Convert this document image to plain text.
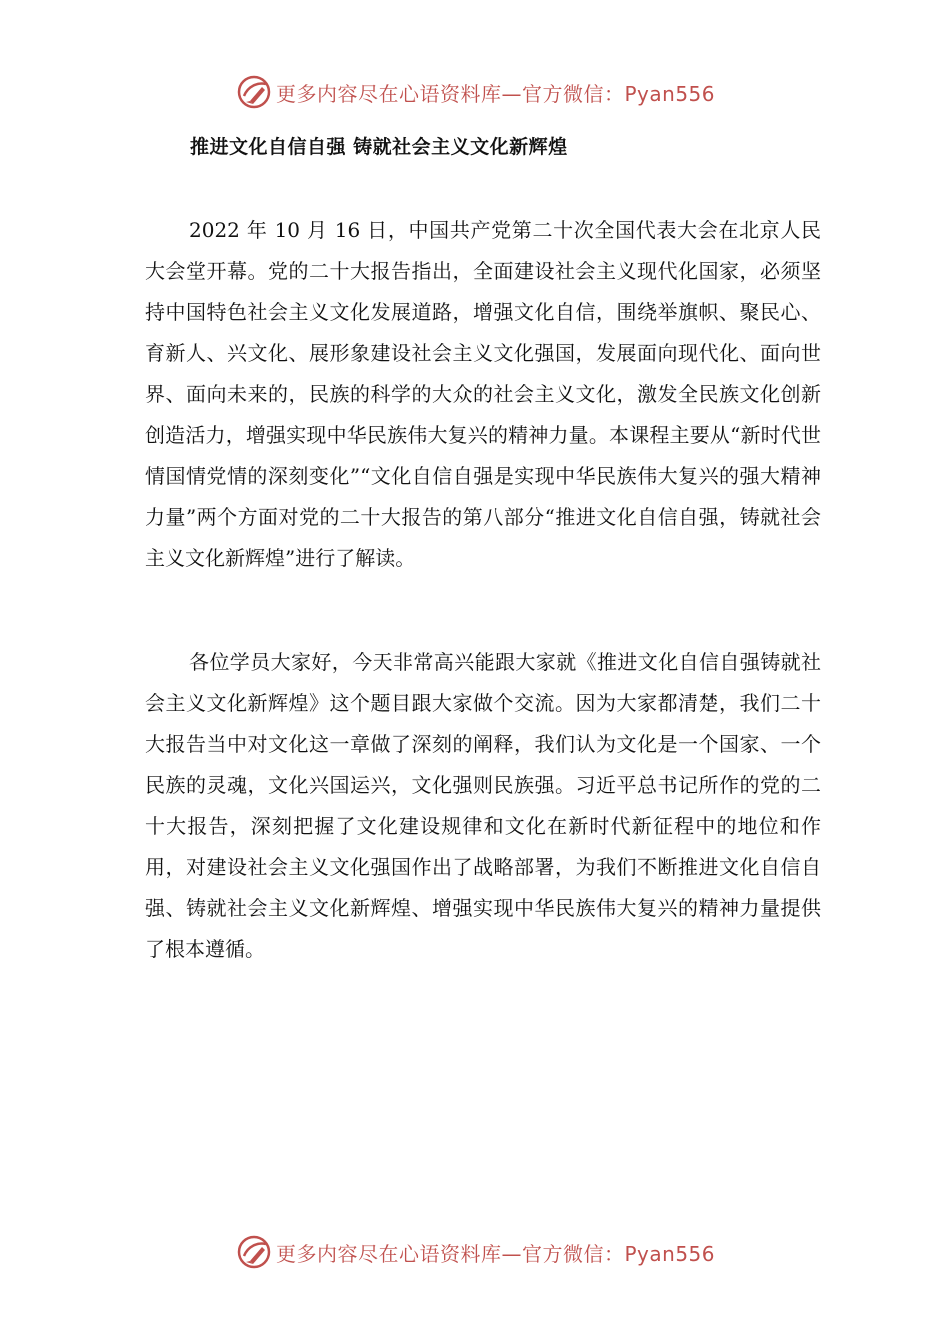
更多内容尽在心语资料库—官方微信：Pyan556
推进文化自信自强 铸就社会主义文化新辉煌

2022 年 10 月 16 日，中国共产党第二十次全国代表大会在北京人民大会堂开幕。党的二十大报告指出，全面建设社会主义现代化国家，必须坚持中国特色社会主义文化发展道路，增强文化自信，围绕举旗帜、聚民心、育新人、兴文化、展形象建设社会主义文化强国，发展面向现代化、面向世界、面向未来的，民族的科学的大众的社会主义文化，激发全民族文化创新创造活力，增强实现中华民族伟大复兴的精神力量。本课程主要从“新时代世情国情党情的深刻变化”“文化自信自强是实现中华民族伟大复兴的强大精神力量”两个方面对党的二十大报告的第八部分“推进文化自信自强，铸就社会主义文化新辉煌”进行了解读。

各位学员大家好，今天非常高兴能跟大家就《推进文化自信自强铸就社会主义文化新辉煌》这个题目跟大家做个交流。因为大家都清楚，我们二十大报告当中对文化这一章做了深刻的阐释，我们认为文化是一个国家、一个民族的灵魂，文化兴国运兴，文化强则民族强。习近平总书记所作的党的二十大报告，深刻把握了文化建设规律和文化在新时代新征程中的地位和作用，对建设社会主义文化强国作出了战略部署，为我们不断推进文化自信自强、铸就社会主义文化新辉煌、增强实现中华民族伟大复兴的精神力量提供了根本遵循。

更多内容尽在心语资料库—官方微信：Pyan556
